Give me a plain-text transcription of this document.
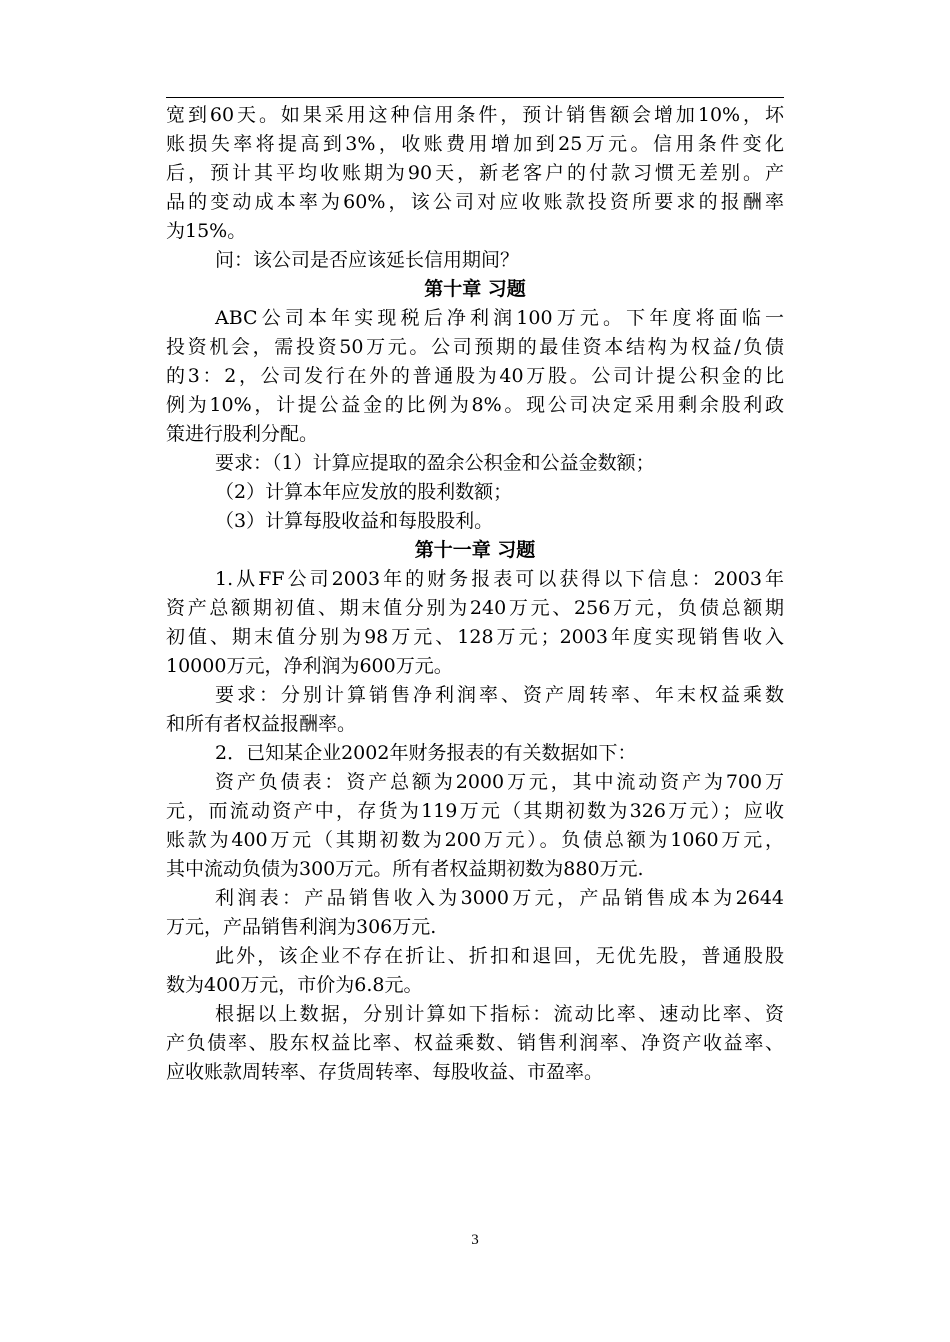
宽到60天。如果采用这种信用条件，预计销售额会增加10%，坏
账损失率将提高到3%，收账费用增加到25万元。信用条件变化
后，预计其平均收账期为90天，新老客户的付款习惯无差别。产
品的变动成本率为60%，该公司对应收账款投资所要求的报酬率
为15%。
问：该公司是否应该延长信用期间？
第十章 习题
ABC公司本年实现税后净利润100万元。下年度将面临一
投资机会，需投资50万元。公司预期的最佳资本结构为权益/负债
的3：2，公司发行在外的普通股为40万股。公司计提公积金的比
例为10%，计提公益金的比例为8%。现公司决定采用剩余股利政
策进行股利分配。
要求：（1）计算应提取的盈余公积金和公益金数额；
（2）计算本年应发放的股利数额；
（3）计算每股收益和每股股利。
第十一章 习题
1.从FF公司2003年的财务报表可以获得以下信息：2003年
资产总额期初值、期末值分别为240万元、256万元，负债总额期
初值、期末值分别为98万元、128万元；2003年度实现销售收入
10000万元，净利润为600万元。
要求：分别计算销售净利润率、资产周转率、年末权益乘数
和所有者权益报酬率。
2．已知某企业2002年财务报表的有关数据如下：
资产负债表：资产总额为2000万元，其中流动资产为700万
元，而流动资产中，存货为119万元（其期初数为326万元）；应收
账款为400万元（其期初数为200万元）。负债总额为1060万元，
其中流动负债为300万元。所有者权益期初数为880万元.
利润表：产品销售收入为3000万元，产品销售成本为2644
万元，产品销售利润为306万元.
此外，该企业不存在折让、折扣和退回，无优先股，普通股股
数为400万元，市价为6.8元。
根据以上数据，分别计算如下指标：流动比率、速动比率、资
产负债率、股东权益比率、权益乘数、销售利润率、净资产收益率、
应收账款周转率、存货周转率、每股收益、市盈率。
3
